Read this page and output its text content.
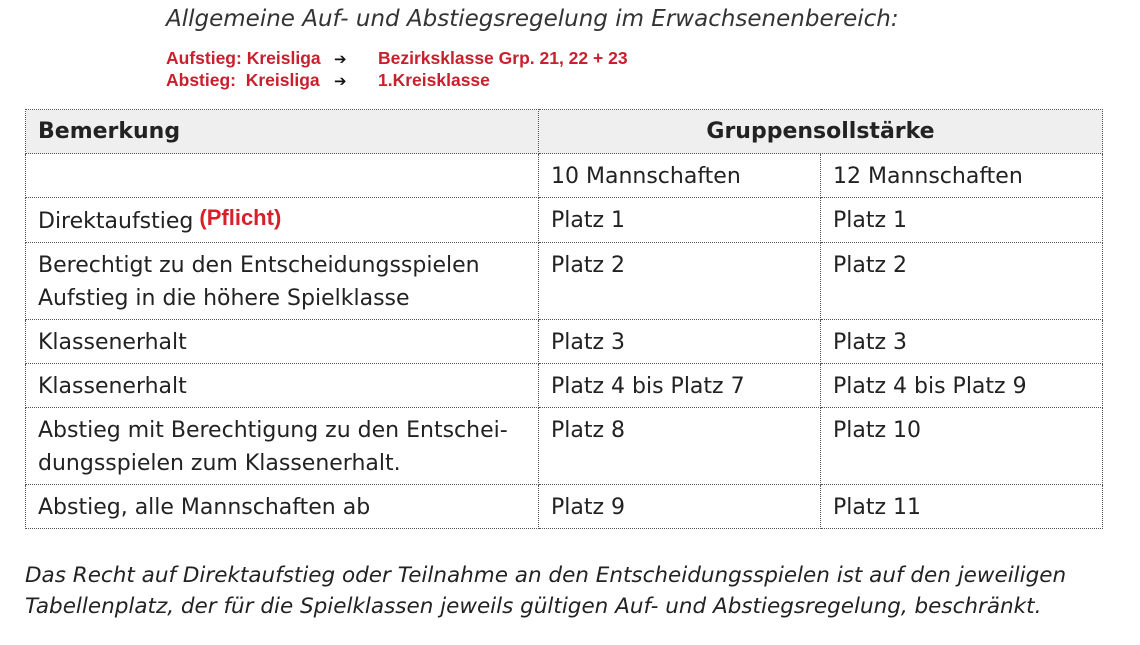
Allgemeine Auf- und Abstiegsregelung im Erwachsenenbereich:
Aufstieg: Kreisliga ➔ Bezirksklasse Grp. 21, 22 + 23
Abstieg:  Kreisliga ➔ 1.Kreisklasse
Bemerkung	Gruppensollstärke	
	10 Mannschaften	12 Mannschaften
Direktaufstieg (Pflicht)	Platz 1	Platz 1
Berechtigt zu den Entscheidungsspielen Aufstieg in die höhere Spielklasse	Platz 2	Platz 2
Klassenerhalt	Platz 3	Platz 3
Klassenerhalt	Platz 4 bis Platz 7	Platz 4 bis Platz 9
Abstieg mit Berechtigung zu den Entschei-dungsspielen zum Klassenerhalt.	Platz 8	Platz 10
Abstieg, alle Mannschaften ab	Platz 9	Platz 11
Das Recht auf Direktaufstieg oder Teilnahme an den Entscheidungsspielen ist auf den jeweiligen Tabellenplatz, der für die Spielklassen jeweils gültigen Auf- und Abstiegsregelung, beschränkt.
